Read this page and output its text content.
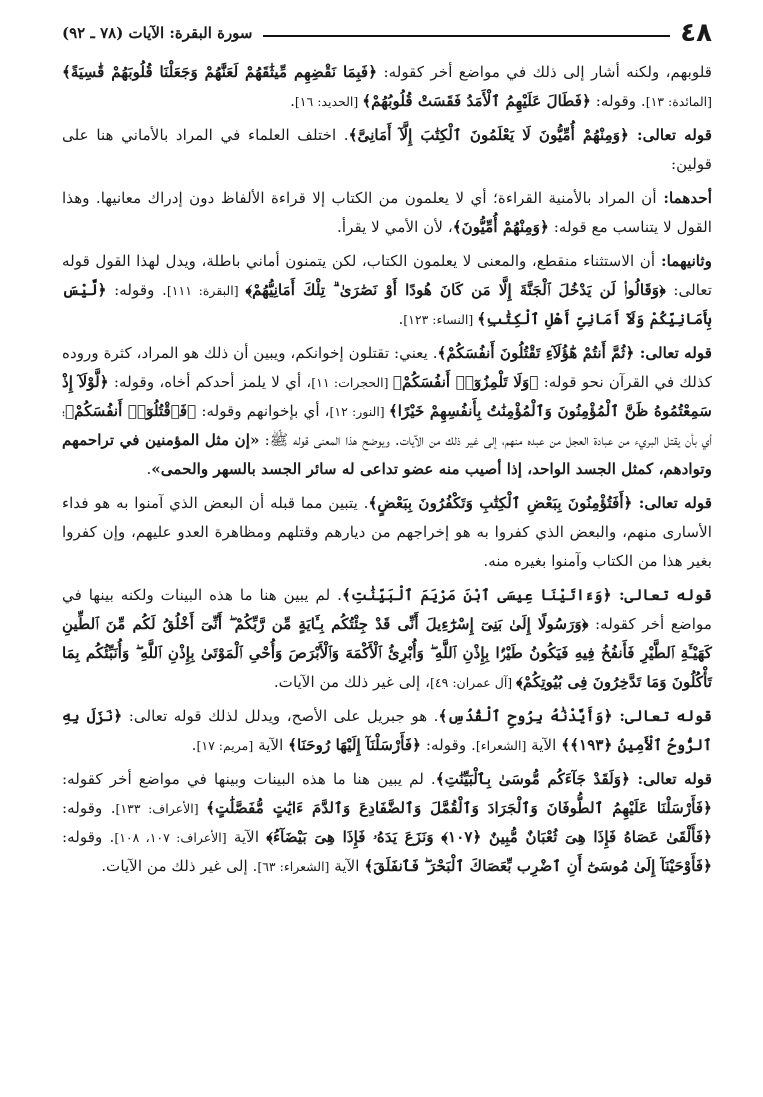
٤٨
سورة البقرة: الآيات (٧٨ ـ ٩٢)

قلوبهم، ولكنه أشار إلى ذلك في مواضع أخر كقوله: ﴿فَبِمَا نَقْضِهِم مِّيثَٰقَهُمْ لَعَنَّٰهُمْ وَجَعَلْنَا قُلُوبَهُمْ قَٰسِيَةً﴾ [المائدة: ١٣]. وقوله: ﴿فَطَالَ عَلَيْهِمُ ٱلْأَمَدُ فَقَسَتْ قُلُوبُهُمْ﴾ [الحديد: ١٦].

قوله تعالى: ﴿وَمِنْهُمْ أُمِّيُّونَ لَا يَعْلَمُونَ ٱلْكِتَٰبَ إِلَّآ أَمَانِىَّ﴾. اختلف العلماء في المراد بالأماني هنا على قولين:

أحدهما: أن المراد بالأمنية القراءة؛ أي لا يعلمون من الكتاب إلا قراءة الألفاظ دون إدراك معانيها. وهذا القول لا يتناسب مع قوله: ﴿وَمِنْهُمْ أُمِّيُّونَ﴾، لأن الأمي لا يقرأ.

وثانيهما: أن الاستثناء منقطع، والمعنى لا يعلمون الكتاب، لكن يتمنون أماني باطلة، ويدل لهذا القول قوله تعالى: ﴿وَقَالُوا۟ لَن يَدْخُلَ ٱلْجَنَّةَ إِلَّا مَن كَانَ هُودًا أَوْ نَصَٰرَىٰ ۗ تِلْكَ أَمَانِيُّهُمْ﴾ [البقرة: ١١١]. وقوله: ﴿لَّيْسَ بِأَمَانِيِّكُمْ وَلَآ أَمَانِىِّ أَهْلِ ٱلْكِتَٰبِ﴾ [النساء: ١٢٣].

قوله تعالى: ﴿ثُمَّ أَنتُمْ هَٰٓؤُلَآءِ تَقْتُلُونَ أَنفُسَكُمْ﴾. يعني: تقتلون إخوانكم، ويبين أن ذلك هو المراد، كثرة وروده كذلك في القرآن نحو قوله: ﴿وَلَا تَلْمِزُوٓا۟ أَنفُسَكُمْ﴾ [الحجرات: ١١]، أي لا يلمز أحدكم أخاه، وقوله: ﴿لَّوْلَآ إِذْ سَمِعْتُمُوهُ ظَنَّ ٱلْمُؤْمِنُونَ وَٱلْمُؤْمِنَٰتُ بِأَنفُسِهِمْ خَيْرًا﴾ [النور: ١٢]، أي بإخوانهم وقوله: ﴿فَٱقْتُلُوٓا۟ أَنفُسَكُمْ﴾؛ أي بأن يقتل البريء من عبادة العجل من عبده منهم، إلى غير ذلك من الآيات. ويوضح هذا المعنى قوله ﷺ: «إن مثل المؤمنين في تراحمهم وتوادهم، كمثل الجسد الواحد، إذا أصيب منه عضو تداعى له سائر الجسد بالسهر والحمى».

قوله تعالى: ﴿أَفَتُؤْمِنُونَ بِبَعْضِ ٱلْكِتَٰبِ وَتَكْفُرُونَ بِبَعْضٍ﴾. يتبين مما قبله أن البعض الذي آمنوا به هو فداء الأسارى منهم، والبعض الذي كفروا به هو إخراجهم من ديارهم وقتلهم ومظاهرة العدو عليهم، وإن كفروا بغير هذا من الكتاب وآمنوا بغيره منه.

قوله تعالى: ﴿وَءَاتَيْنَا عِيسَى ٱبْنَ مَرْيَمَ ٱلْبَيِّنَٰتِ﴾. لم يبين هنا ما هذه البينات ولكنه بينها في مواضع أخر كقوله: ﴿وَرَسُولًا إِلَىٰ بَنِىٓ إِسْرَٰٓءِيلَ أَنِّى قَدْ جِئْتُكُم بِـَٔايَةٍ مِّن رَّبِّكُمْ ۖ أَنِّىٓ أَخْلُقُ لَكُم مِّنَ ٱلطِّينِ كَهَيْـَٔةِ ٱلطَّيْرِ فَأَنفُخُ فِيهِ فَيَكُونُ طَيْرًۢا بِإِذْنِ ٱللَّهِ ۖ وَأُبْرِئُ ٱلْأَكْمَهَ وَٱلْأَبْرَصَ وَأُحْىِ ٱلْمَوْتَىٰ بِإِذْنِ ٱللَّهِ ۖ وَأُنَبِّئُكُم بِمَا تَأْكُلُونَ وَمَا تَدَّخِرُونَ فِى بُيُوتِكُمْ﴾ [آل عمران: ٤٩]، إلى غير ذلك من الآيات.

قوله تعالى: ﴿وَأَيَّدْنَٰهُ بِرُوحِ ٱلْقُدُسِ﴾. هو جبريل على الأصح، ويدلل لذلك قوله تعالى: ﴿نَزَلَ بِهِ ٱلرُّوحُ ٱلْأَمِينُ ﴿١٩٣﴾﴾ الآية [الشعراء]. وقوله: ﴿فَأَرْسَلْنَآ إِلَيْهَا رُوحَنَا﴾ الآية [مريم: ١٧].

قوله تعالى: ﴿وَلَقَدْ جَآءَكُم مُّوسَىٰ بِٱلْبَيِّنَٰتِ﴾. لم يبين هنا ما هذه البينات وبينها في مواضع أخر كقوله: ﴿فَأَرْسَلْنَا عَلَيْهِمُ ٱلطُّوفَانَ وَٱلْجَرَادَ وَٱلْقُمَّلَ وَٱلضَّفَادِعَ وَٱلدَّمَ ءَايَٰتٍ مُّفَصَّلَٰتٍ﴾ [الأعراف: ١٣٣]. وقوله: ﴿فَأَلْقَىٰ عَصَاهُ فَإِذَا هِىَ ثُعْبَانٌ مُّبِينٌ ﴿١٠٧﴾ وَنَزَعَ يَدَهُۥ فَإِذَا هِىَ بَيْضَآءُ﴾ الآية [الأعراف: ١٠٧، ١٠٨]. وقوله: ﴿فَأَوْحَيْنَآ إِلَىٰ مُوسَىٰٓ أَنِ ٱضْرِب بِّعَصَاكَ ٱلْبَحْرَ ۖ فَٱنفَلَقَ﴾ الآية [الشعراء: ٦٣]. إلى غير ذلك من الآيات.
